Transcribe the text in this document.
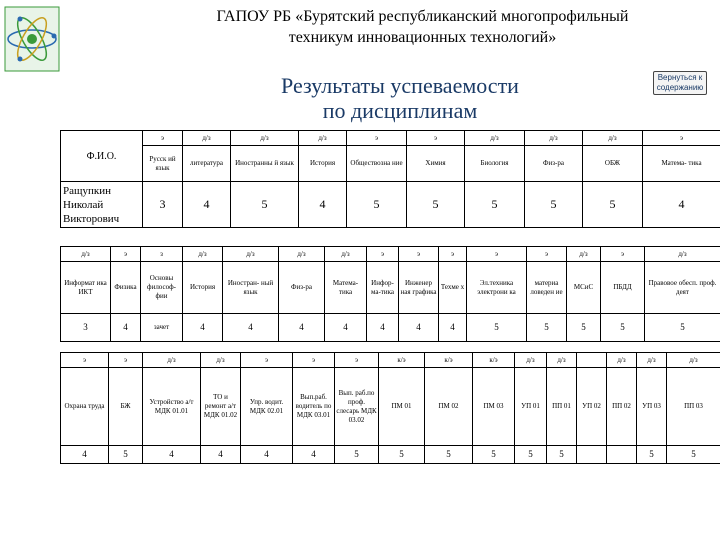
ГАПОУ РБ «Бурятский республиканский многопрофильный
техникум инновационных технологий»
Результаты успеваемости
по дисциплинам
Вернуться к содержанию
Ф.И.О.	э	д/з	д/з	д/з	э	э	д/з	д/з	д/з	э
	Русск ий язык	литература	Иностранны й язык	История	Обществозна ние	Химия	Биология	Физ-ра	ОБЖ	Матема- тика

Ращупкин
Николай
Викторович	3	4	5	4	5	5	5	5	5	4
д/з	э	з	д/з	д/з	д/з	д/з	э	э	э	э	э	д/з	э	д/з
Информат ика ИКТ	Физика	Основы философ- фии	История	Иностран- ный язык	Физ-ра	Матема- тика	Инфор- ма-тика	Инженер ная графика	Техме х	Эл.техника электрони ка	материа ловеден ие	МСиС	ПБДД	Правовое обесп. проф. деят
3	4	зачет	4	4	4	4	4	4	4	5	5	5	5	5
э	э	д/з	д/з	э	э	э	к/э	к/э	к/э	д/з	д/з		д/з	д/з	д/з
Охрана труда	БЖ	Устройство а/т МДК 01.01	ТО и ремонт а/т МДК 01.02	Упр. водит. МДК 02.01	Вып.раб. водитель по МДК 03.01	Вып. раб.по проф. слесарь МДК 03.02	ПМ 01	ПМ 02	ПМ 03	УП 01	ПП 01	УП 02	ПП 02	УП 03	ПП 03
4	5	4	4	4	4	5	5	5	5	5	5			5	5
